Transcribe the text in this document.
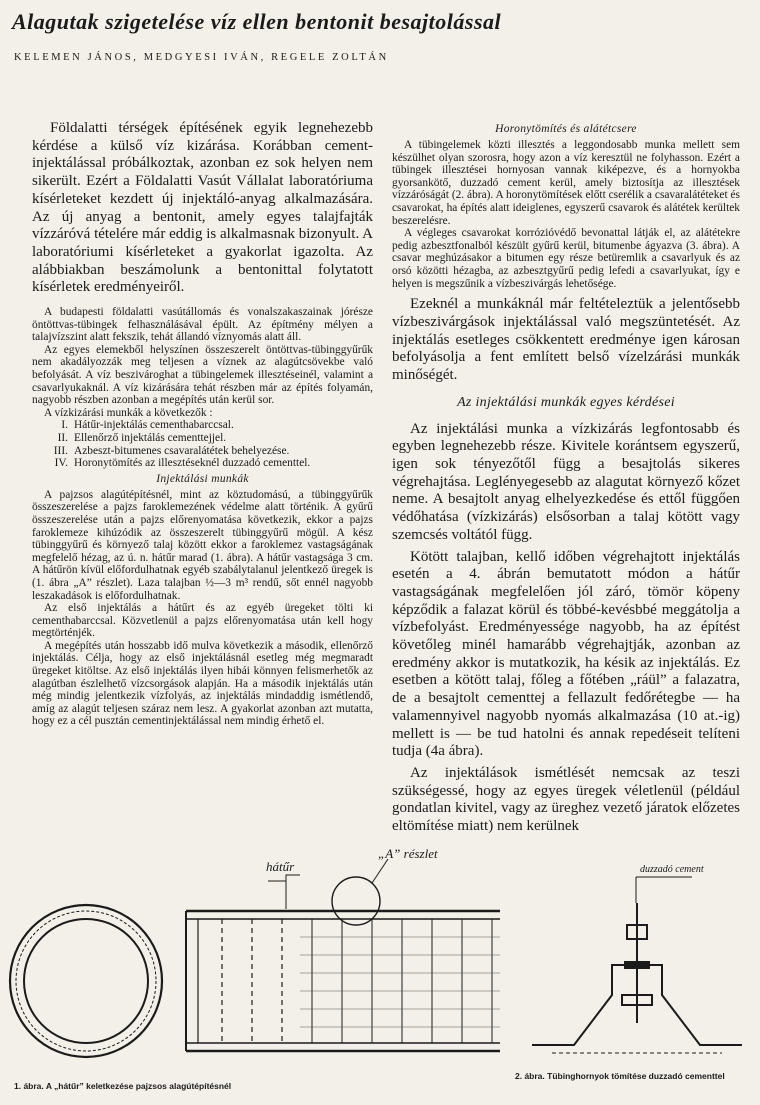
Alagutak szigetelése víz ellen bentonit besajtolással
KELEMEN JÁNOS, MEDGYESI IVÁN, REGELE ZOLTÁN

Földalatti térségek építésének egyik legnehezebb kérdése a külső víz kizárása. Korábban cement-injektálással próbálkoztak, azonban ez sok helyen nem sikerült. Ezért a Földalatti Vasút Vállalat laboratóriuma kísérleteket kezdett új injektáló-anyag alkalmazására. Az új anyag a bentonit, amely egyes talajfajták vízzáróvá tételére már eddig is alkalmasnak bizonyult. A laboratóriumi kísérleteket a gyakorlat igazolta. Az alábbiakban beszámolunk a bentonittal folytatott kísérletek eredményeiről.

A budapesti földalatti vasútállomás és vonalszakaszainak jórésze öntöttvas-tübingek felhasználásával épült. Az építmény mélyen a talajvízszint alatt fekszik, tehát állandó víznyomás alatt áll.

Az egyes elemekből helyszínen összeszerelt öntöttvas-tübinggyűrűk nem akadályozzák meg teljesen a víznek az alagútcsövekbe való befolyását. A víz beszivároghat a tübingelemek illesztéseinél, valamint a csavarlyukaknál. A víz kizárására tehát részben már az építés folyamán, nagyobb részben azonban a megépítés után kerül sor.

A vízkizárási munkák a következők :

I. Hátűr-injektálás cementhabarccsal.
II. Ellenőrző injektálás cementtejjel.
III. Azbeszt-bitumenes csavaralátétek behelyezése.
IV. Horonytömítés az illesztéseknél duzzadó cementtel.
Injektálási munkák

A pajzsos alagútépítésnél, mint az köztudomású, a tübinggyűrűk összeszerelése a pajzs faroklemezének védelme alatt történik. A gyűrű összeszerelése után a pajzs előrenyomatása következik, ekkor a pajzs faroklemeze kihúzódik az összeszerelt tübinggyűrű mögül. A kész tübinggyűrű és környező talaj között ekkor a faroklemez vastagságának megfelelő hézag, az ú. n. hátűr marad (1. ábra). A hátűr vastagsága 3 cm. A hátűrön kívül előfordulhatnak egyéb szabálytalanul jelentkező üregek is (1. ábra „A” részlet). Laza talajban ½—3 m³ rendű, sőt ennél nagyobb leszakadások is előfordulhatnak.

Az első injektálás a hátűrt és az egyéb üregeket tölti ki cementhabarccsal. Közvetlenül a pajzs előrenyomatása után kell hogy megtörténjék.

A megépítés után hosszabb idő mulva következik a második, ellenőrző injektálás. Célja, hogy az első injektálásnál esetleg még megmaradt üregeket kitöltse. Az első injektálás ilyen hibái könnyen felismerhetők az alagútban észlelhető vízcsorgások alapján. Ha a második injektálás után még mindig jelentkezik vízfolyás, az injektálás mindaddig ismétlendő, amíg az alagút teljesen száraz nem lesz. A gyakorlat azonban azt mutatta, hogy ez a cél pusztán cementinjektálással nem mindig érhető el.

Horonytömítés és alátétcsere

A tübingelemek közti illesztés a leggondosabb munka mellett sem készülhet olyan szorosra, hogy azon a víz keresztül ne folyhasson. Ezért a tübingek illesztései hornyosan vannak kiképezve, és a hornyokba gyorsankötő, duzzadó cement kerül, amely biztosítja az illesztések vízzáróságát (2. ábra). A horonytömítések előtt cserélik a csavaralátéteket és csavarokat, ha építés alatt ideiglenes, egyszerű csavarok és alátétek kerültek beszerelésre.

A végleges csavarokat korrózióvédő bevonattal látják el, az alátétekre pedig azbesztfonalból készült gyűrű kerül, bitumenbe ágyazva (3. ábra). A csavar meghúzásakor a bitumen egy része betüremlik a csavarlyuk és az orsó közötti hézagba, az azbesztgyűrű pedig lefedi a csavarlyukat, így e helyen is megszűnik a vízbeszivárgás lehetősége.

Ezeknél a munkáknál már feltételeztük a jelentősebb vízbeszivárgások injektálással való megszüntetését. Az injektálás esetleges csökkentett eredménye igen károsan befolyásolja a fent említett belső vízelzárási munkák minőségét.

Az injektálási munkák egyes kérdései

Az injektálási munka a vízkizárás legfontosabb és egyben legnehezebb része. Kivitele korántsem egyszerű, igen sok tényezőtől függ a besajtolás sikeres végrehajtása. Leglényegesebb az alagutat környező kőzet neme. A besajtolt anyag elhelyezkedése és ettől függően védőhatása (vízkizárás) elsősorban a talaj kötött vagy szemcsés voltától függ.

Kötött talajban, kellő időben végrehajtott injektálás esetén a 4. ábrán bemutatott módon a hátűr vastagságának megfelelően jól záró, tömör köpeny képződik a falazat körül és többé-kevésbbé meggátolja a vízbefolyást. Eredményessége nagyobb, ha az építést követőleg minél hamarább végrehajtják, azonban az eredmény akkor is mutatkozik, ha késik az injektálás. Ez esetben a kötött talaj, főleg a főtében „ráül” a falazatra, de a besajtolt cementtej a fellazult fedőrétegbe — ha valamennyivel nagyobb nyomás alkalmazása (10 at.-ig) mellett is — be tud hatolni és annak repedéseit telíteni tudja (4a ábra).

Az injektálások ismétlését nemcsak az teszi szükségessé, hogy az egyes üregek véletlenül (például gondatlan kivitel, vagy az üreghez vezető járatok előzetes eltömítése miatt) nem kerülnek

hátűr
„A” részlet
duzzadó cement
1. ábra. A „hátűr” keletkezése pajzsos alagútépítésnél
2. ábra. Tübinghornyok tömítése duzzadó cementtel
